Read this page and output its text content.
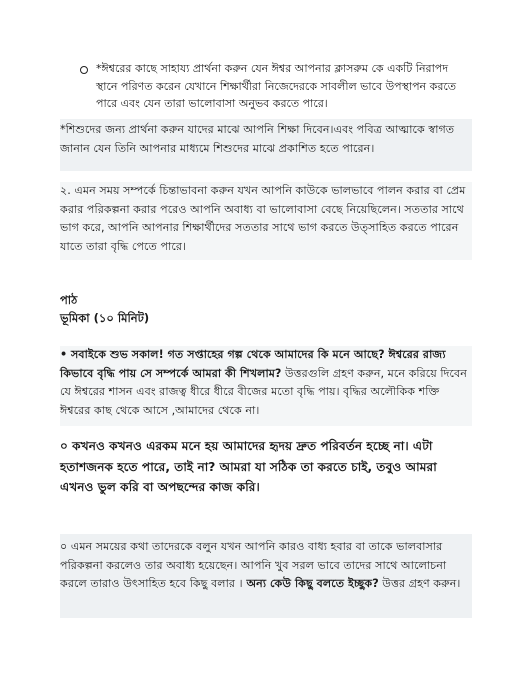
*ঈশ্বরের কাছে সাহায্য প্রার্থনা করুন যেন ঈশ্বর আপনার ক্লাসরুম কে একটি নিরাপদ স্থানে পরিণত করেন যেখানে শিক্ষার্থীরা নিজেদেরকে সাবলীল ভাবে উপস্থাপন করতে পারে এবং যেন তারা ভালোবাসা অনুভব করতে পারে।
*শিশুদের জন্য প্রার্থনা করুন যাদের মাঝে আপনি শিক্ষা দিবেন।এবং পবিত্র আত্মাকে স্বাগত জানান যেন তিনি আপনার মাধ্যমে শিশুদের মাঝে প্রকাশিত হতে পারেন।
২. এমন সময় সম্পর্কে চিন্তাভাবনা করুন যখন আপনি কাউকে ভালভাবে পালন করার বা প্রেম করার পরিকল্পনা করার পরেও আপনি অবাধ্য বা ভালোবাসা বেছে নিয়েছিলেন। সততার সাথে ভাগ করে, আপনি আপনার শিক্ষার্থীদের সততার সাথে ভাগ করতে উত্সাহিত করতে পারেন যাতে তারা বৃদ্ধি পেতে পারে।
পাঠ
ভূমিকা (১০ মিনিট)
• সবাইকে শুভ সকাল! গত সপ্তাহের গল্প থেকে আমাদের কি মনে আছে? ঈশ্বরের রাজ্য কিভাবে বৃদ্ধি পায় সে সম্পর্কে আমরা কী শিখলাম? উত্তরগুলি গ্রহণ করুন, মনে করিয়ে দিবেন যে ঈশ্বরের শাসন এবং রাজত্ব ধীরে ধীরে বীজের মতো বৃদ্ধি পায়। বৃদ্ধির অলৌকিক শক্তি ঈশ্বরের কাছ থেকে আসে ,আমাদের থেকে না।
০ কখনও কখনও এরকম মনে হয় আমাদের হৃদয় দ্রুত পরিবর্তন হচ্ছে না। এটা হতাশজনক হতে পারে, তাই না? আমরা যা সঠিক তা করতে চাই, তবুও আমরা এখনও ভুল করি বা অপছন্দের কাজ করি।
০ এমন সময়ের কথা তাদেরকে বলুন যখন আপনি কারও বাধ্য হবার বা তাকে ভালবাসার পরিকল্পনা করলেও তার অবাধ্য হয়েছেন। আপনি খুব সরল ভাবে তাদের সাথে আলোচনা করলে তারাও উৎসাহিত হবে কিছু বলার । অন্য কেউ কিছু বলতে ইচ্ছুক? উত্তর গ্রহণ করুন।
